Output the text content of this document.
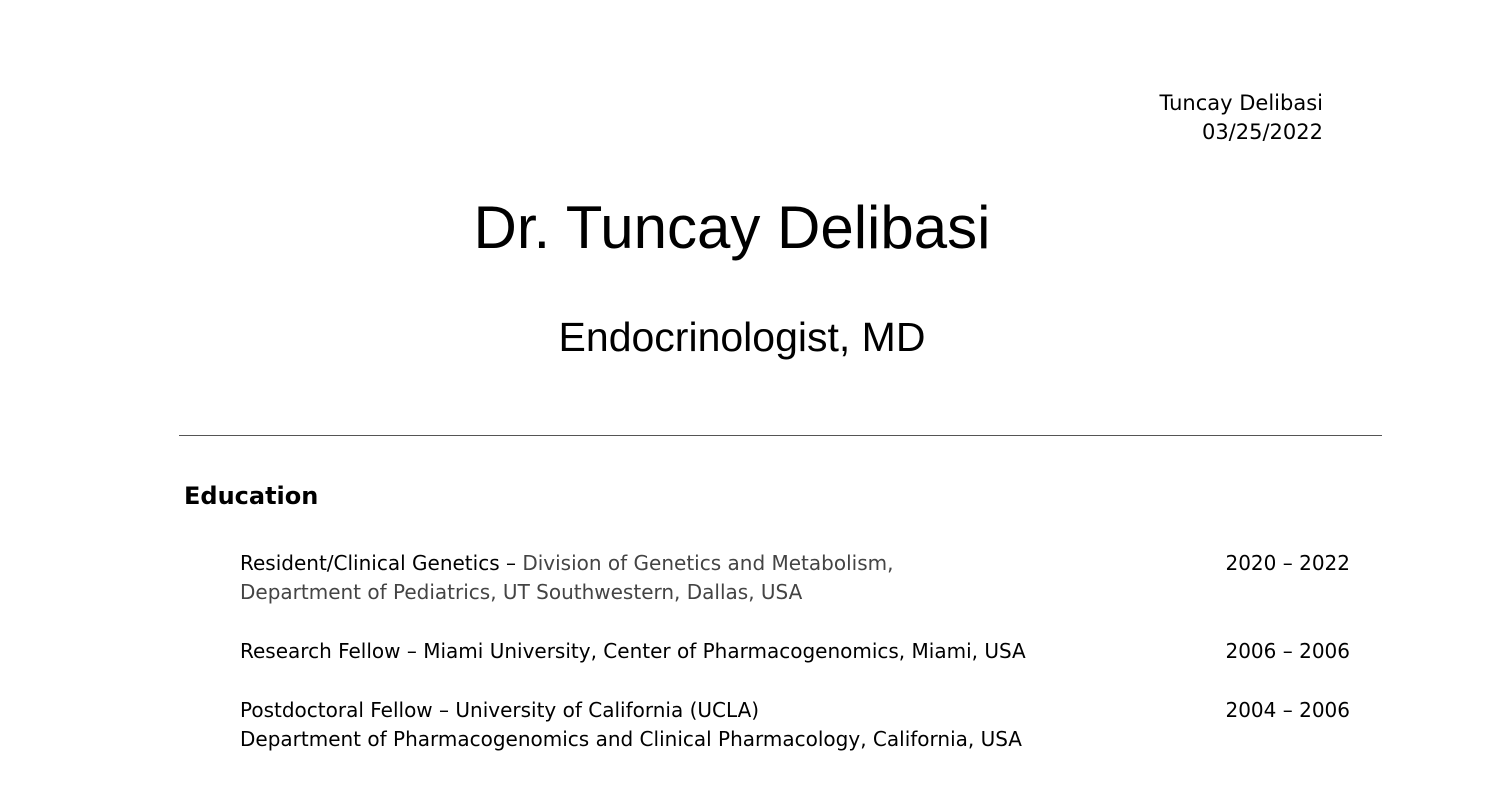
Tuncay Delibasi
03/25/2022
Dr. Tuncay Delibasi
Endocrinologist, MD
Education
Resident/Clinical Genetics – Division of Genetics and Metabolism,
Department of Pediatrics, UT Southwestern, Dallas, USA
2020 – 2022
Research Fellow – Miami University, Center of Pharmacogenomics, Miami, USA	2006 – 2006
Postdoctoral Fellow – University of California (UCLA)
Department of Pharmacogenomics and Clinical Pharmacology, California, USA
2004 – 2006
